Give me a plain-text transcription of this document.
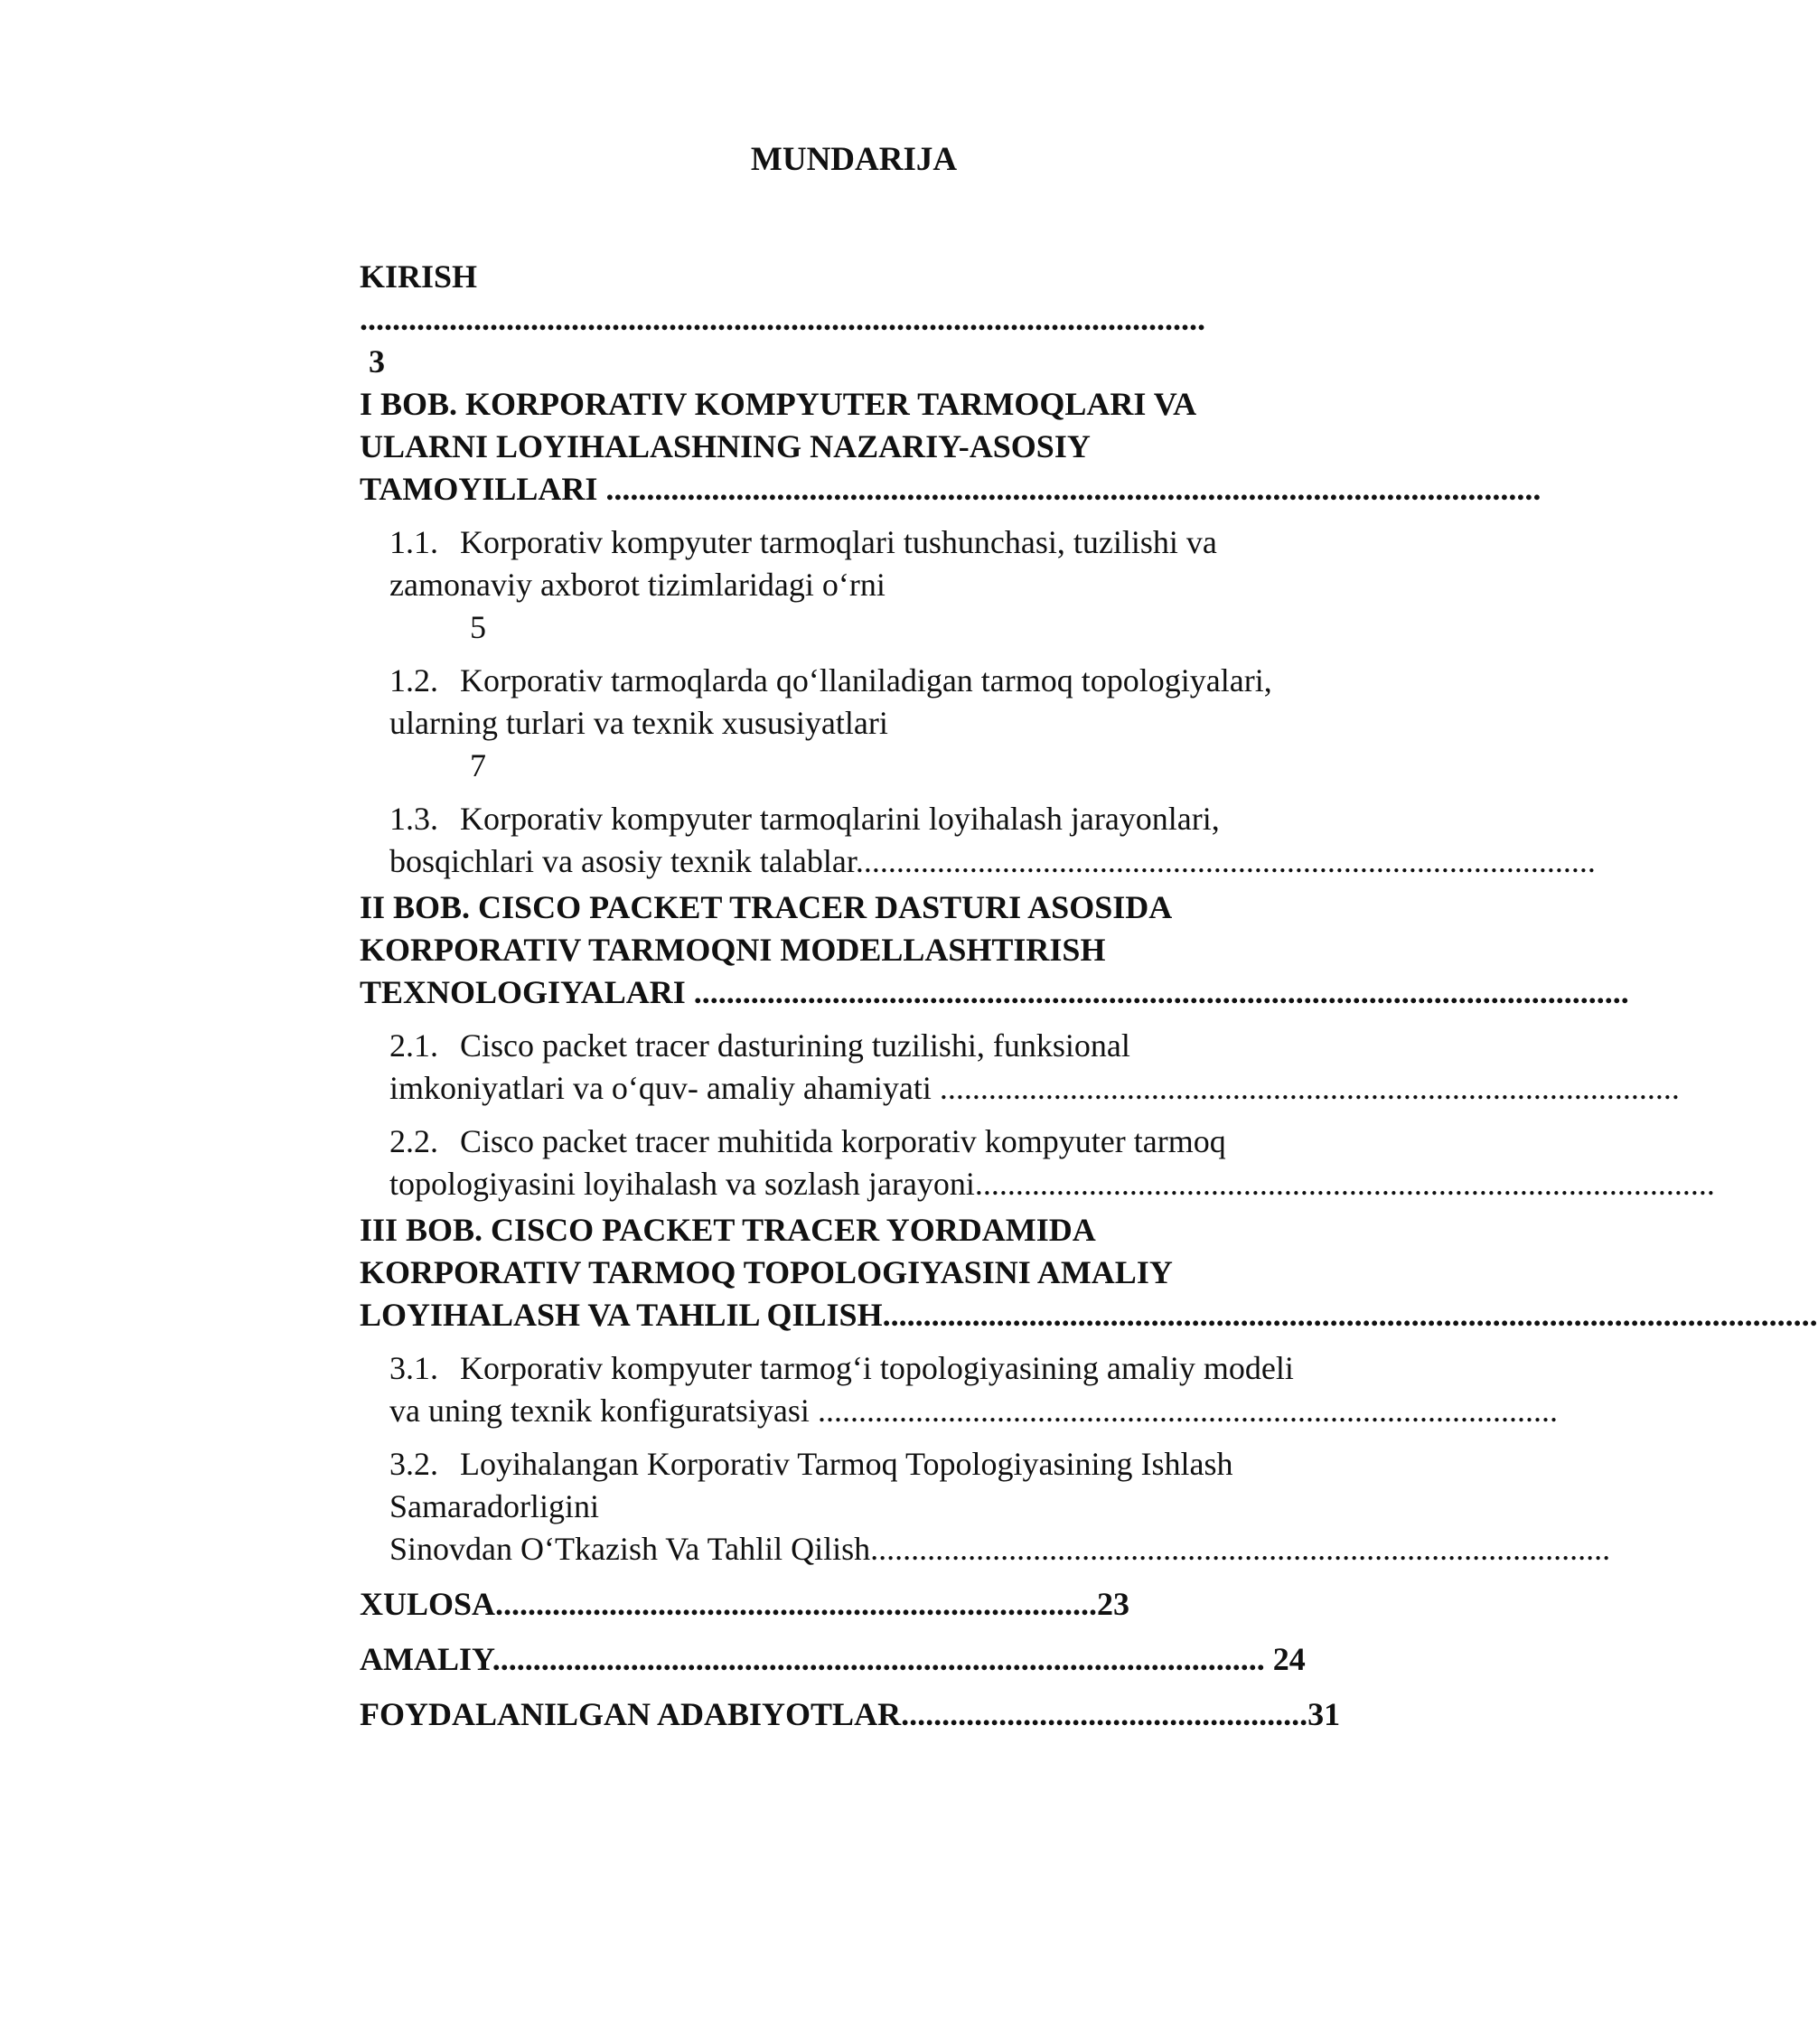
MUNDARIJA

KIRISH

........................................................................................................

3

I BOB. KORPORATIV KOMPYUTER TARMOQLARI VA

ULARNI LOYIHALASHNING NAZARIY-ASOSIY

TAMOYILLARI ...................................................................................................................

1.1. Korporativ kompyuter tarmoqlari tushunchasi, tuzilishi va

zamonaviy axborot tizimlaridagi o‘rni

5

1.2. Korporativ tarmoqlarda qo‘llaniladigan tarmoq topologiyalari,

ularning turlari va texnik xususiyatlari

7

1.3. Korporativ kompyuter tarmoqlarini loyihalash jarayonlari,

bosqichlari va asosiy texnik talablar...........................................................................................

II BOB. CISCO PACKET TRACER DASTURI ASOSIDA

KORPORATIV TARMOQNI MODELLASHTIRISH

TEXNOLOGIYALARI ...................................................................................................................

2.1. Cisco packet tracer dasturining tuzilishi, funksional

imkoniyatlari va o‘quv- amaliy ahamiyati ...........................................................................................

2.2. Cisco packet tracer muhitida korporativ kompyuter tarmoq

topologiyasini loyihalash va sozlash jarayoni...........................................................................................

III BOB. CISCO PACKET TRACER YORDAMIDA

KORPORATIV TARMOQ TOPOLOGIYASINI AMALIY

LOYIHALASH VA TAHLIL QILISH...................................................................................................................

3.1. Korporativ kompyuter tarmog‘i topologiyasining amaliy modeli

va uning texnik konfiguratsiyasi ...........................................................................................

3.2. Loyihalangan Korporativ Tarmoq Topologiyasining Ishlash

Samaradorligini

Sinovdan O‘Tkazish Va Tahlil Qilish...........................................................................................

XULOSA..........................................................................23

AMALIY............................................................................................... 24

FOYDALANILGAN ADABIYOTLAR..................................................31
